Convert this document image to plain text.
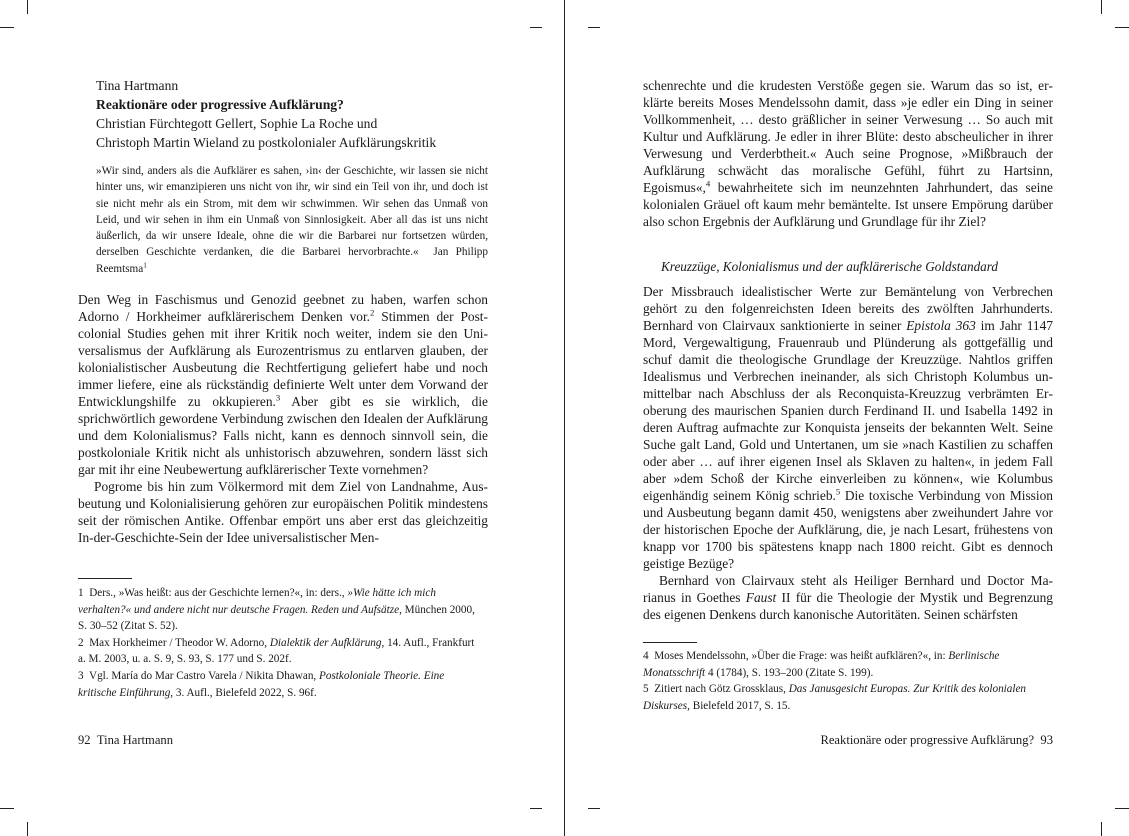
Tina Hartmann
Reaktionäre oder progressive Aufklärung?
Christian Fürchtegott Gellert, Sophie La Roche und
Christoph Martin Wieland zu postkolonialer Aufklärungskritik
»Wir sind, anders als die Aufklärer es sahen, ›in‹ der Geschichte, wir lassen sie nicht hinter uns, wir emanzipieren uns nicht von ihr, wir sind ein Teil von ihr, und doch ist sie nicht mehr als ein Strom, mit dem wir schwimmen. Wir sehen das Unmaß von Leid, und wir sehen in ihm ein Unmaß von Sinnlosigkeit. Aber all das ist uns nicht äußerlich, da wir unsere Ideale, ohne die wir die Barbarei nur fortsetzen würden, derselben Geschichte verdanken, die die Barbarei hervorbrachte.« Jan Philipp Reemtsma$^1$

Den Weg in Faschismus und Genozid geebnet zu haben, warfen schon Adorno / Horkheimer aufklärerischem Denken vor.$^2$ Stimmen der Postcolonial Studies gehen mit ihrer Kritik noch weiter, indem sie den Universalismus der Aufklärung als Eurozentrismus zu entlarven glauben, der kolonialistischer Ausbeutung die Rechtfertigung geliefert habe und noch immer liefere, eine als rückständig definierte Welt unter dem Vorwand der Entwicklungshilfe zu okkupieren.$^3$ Aber gibt es sie wirklich, die sprichwörtlich gewordene Verbindung zwischen den Idealen der Aufklärung und dem Kolonialismus? Falls nicht, kann es dennoch sinnvoll sein, die postkoloniale Kritik nicht als unhistorisch abzuwehren, sondern lässt sich gar mit ihr eine Neubewertung aufklärerischer Texte vornehmen?

Pogrome bis hin zum Völkermord mit dem Ziel von Landnahme, Ausbeutung und Kolonialisierung gehören zur europäischen Politik mindestens seit der römischen Antike. Offenbar empört uns aber erst das gleichzeitig In-der-Geschichte-Sein der Idee universalistischer Men-

1 Ders., »Was heißt: aus der Geschichte lernen?«, in: ders., »Wie hätte ich mich verhalten?« und andere nicht nur deutsche Fragen. Reden und Aufsätze, München 2000, S. 30–52 (Zitat S. 52).

2 Max Horkheimer / Theodor W. Adorno, Dialektik der Aufklärung, 14. Aufl., Frankfurt a. M. 2003, u. a. S. 9, S. 93, S. 177 und S. 202f.

3 Vgl. María do Mar Castro Varela / Nikita Dhawan, Postkoloniale Theorie. Eine kritische Einführung, 3. Aufl., Bielefeld 2022, S. 96f.

92 Tina Hartmann

schenrechte und die krudesten Verstöße gegen sie. Warum das so ist, erklärte bereits Moses Mendelssohn damit, dass »je edler ein Ding in seiner Vollkommenheit, … desto gräßlicher in seiner Verwesung … So auch mit Kultur und Aufklärung. Je edler in ihrer Blüte: desto abscheulicher in ihrer Verwesung und Verderbtheit.« Auch seine Prognose, »Mißbrauch der Aufklärung schwächt das moralische Gefühl, führt zu Hartsinn, Egoismus«,$^4$ bewahrheitete sich im neunzehnten Jahrhundert, das seine kolonialen Gräuel oft kaum mehr bemäntelte. Ist unsere Empörung darüber also schon Ergebnis der Aufklärung und Grundlage für ihr Ziel?

Kreuzzüge, Kolonialismus und der aufklärerische Goldstandard

Der Missbrauch idealistischer Werte zur Bemäntelung von Verbrechen gehört zu den folgenreichsten Ideen bereits des zwölften Jahrhunderts. Bernhard von Clairvaux sanktionierte in seiner Epistola 363 im Jahr 1147 Mord, Vergewaltigung, Frauenraub und Plünderung als gottgefällig und schuf damit die theologische Grundlage der Kreuzzüge. Nahtlos griffen Idealismus und Verbrechen ineinander, als sich Christoph Kolumbus unmittelbar nach Abschluss der als Reconquista-Kreuzzug verbrämten Eroberung des maurischen Spanien durch Ferdinand II. und Isabella 1492 in deren Auftrag aufmachte zur Konquista jenseits der bekannten Welt. Seine Suche galt Land, Gold und Untertanen, um sie »nach Kastilien zu schaffen oder aber … auf ihrer eigenen Insel als Sklaven zu halten«, in jedem Fall aber »dem Schoß der Kirche einverleiben zu können«, wie Kolumbus eigenhändig seinem König schrieb.$^5$ Die toxische Verbindung von Mission und Ausbeutung begann damit 450, wenigstens aber zweihundert Jahre vor der historischen Epoche der Aufklärung, die, je nach Lesart, frühestens von knapp vor 1700 bis spätestens knapp nach 1800 reicht. Gibt es dennoch geistige Bezüge?

Bernhard von Clairvaux steht als Heiliger Bernhard und Doctor Marianus in Goethes Faust II für die Theologie der Mystik und Begrenzung des eigenen Denkens durch kanonische Autoritäten. Seinen schärfsten

4 Moses Mendelssohn, »Über die Frage: was heißt aufklären?«, in: Berlinische Monatsschrift 4 (1784), S. 193–200 (Zitate S. 199).

5 Zitiert nach Götz Grossklaus, Das Janusgesicht Europas. Zur Kritik des kolonialen Diskurses, Bielefeld 2017, S. 15.

Reaktionäre oder progressive Aufklärung? 93
